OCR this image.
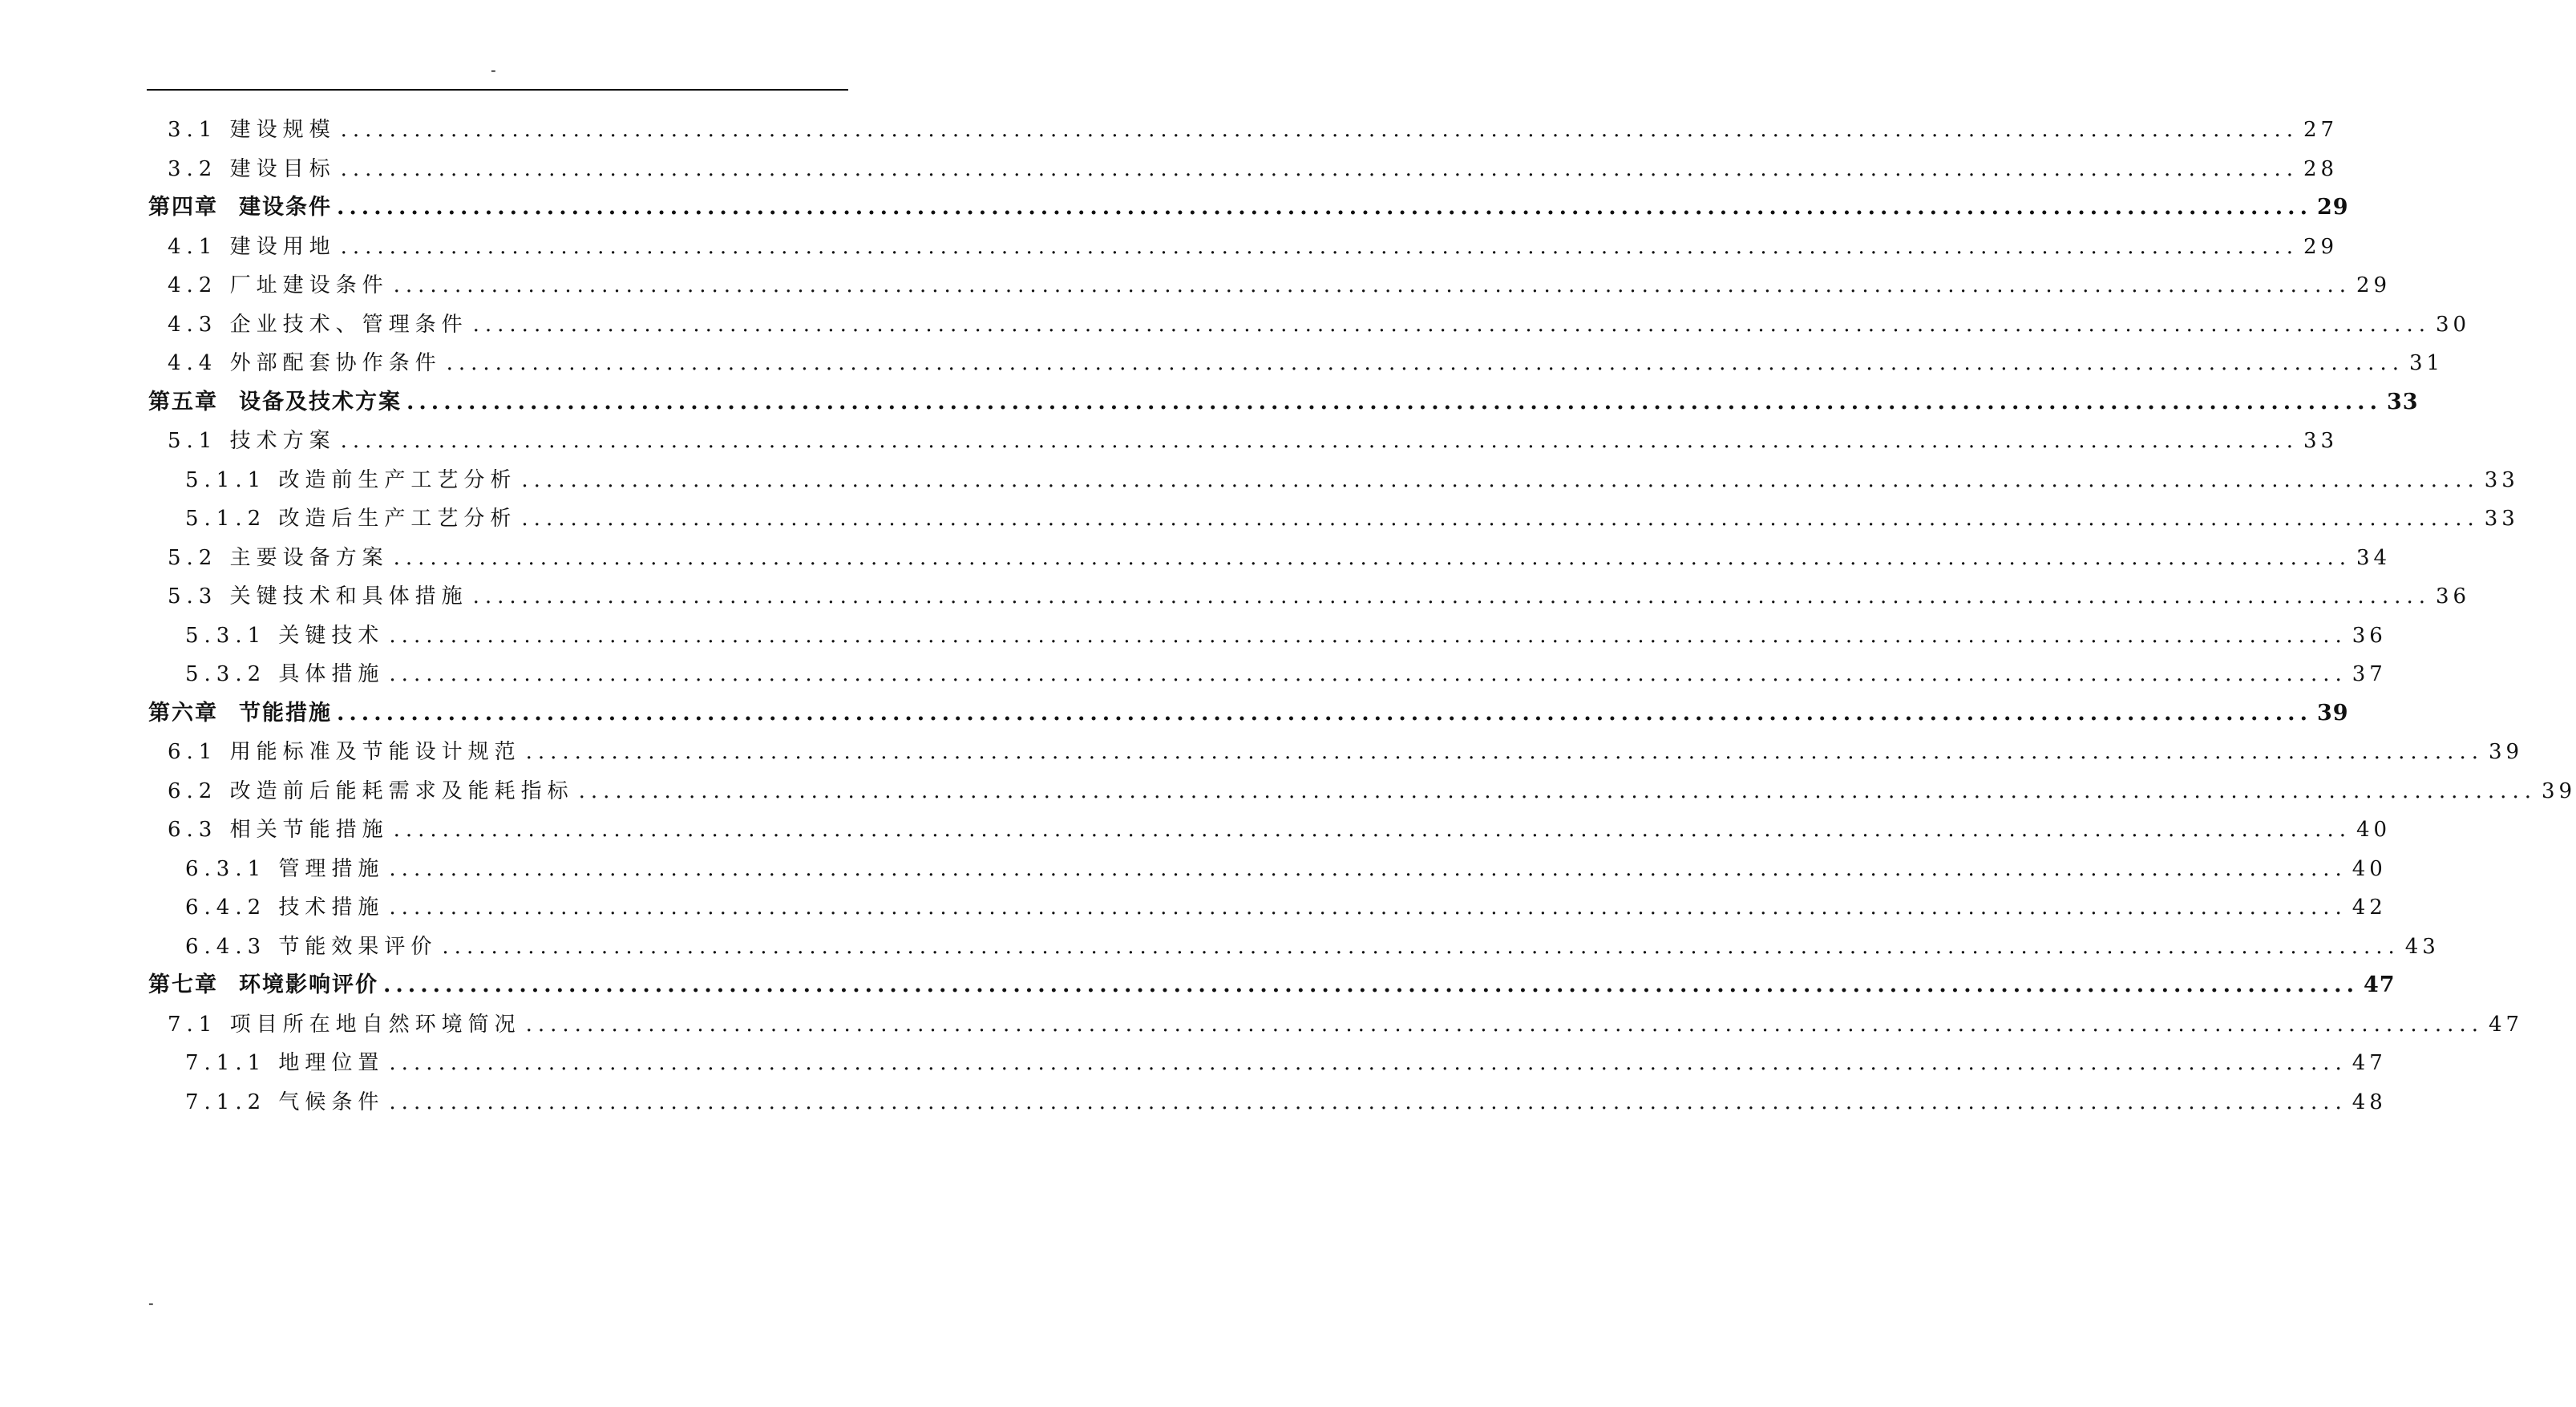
-
3.1 建设规模 ................................................................................................................................................................ 27
3.2 建设目标 ................................................................................................................................................................ 28
第四章 建设条件 ................................................................................................................................................................ 29
4.1 建设用地 ................................................................................................................................................................ 29
4.2 厂址建设条件 ................................................................................................................................................................ 29
4.3 企业技术、管理条件 ................................................................................................................................................................ 30
4.4 外部配套协作条件 ................................................................................................................................................................ 31
第五章 设备及技术方案 ................................................................................................................................................................ 33
5.1 技术方案 ................................................................................................................................................................ 33
5.1.1 改造前生产工艺分析 ................................................................................................................................................................ 33
5.1.2 改造后生产工艺分析 ................................................................................................................................................................ 33
5.2 主要设备方案 ................................................................................................................................................................ 34
5.3 关键技术和具体措施 ................................................................................................................................................................ 36
5.3.1 关键技术 ................................................................................................................................................................ 36
5.3.2 具体措施 ................................................................................................................................................................ 37
第六章 节能措施 ................................................................................................................................................................ 39
6.1 用能标准及节能设计规范 ................................................................................................................................................................ 39
6.2 改造前后能耗需求及能耗指标 ................................................................................................................................................................ 39
6.3 相关节能措施 ................................................................................................................................................................ 40
6.3.1 管理措施 ................................................................................................................................................................ 40
6.4.2 技术措施 ................................................................................................................................................................ 42
6.4.3 节能效果评价 ................................................................................................................................................................ 43
第七章 环境影响评价 ................................................................................................................................................................ 47
7.1 项目所在地自然环境简况 ................................................................................................................................................................ 47
7.1.1 地理位置 ................................................................................................................................................................ 47
7.1.2 气候条件 ................................................................................................................................................................ 48
-
